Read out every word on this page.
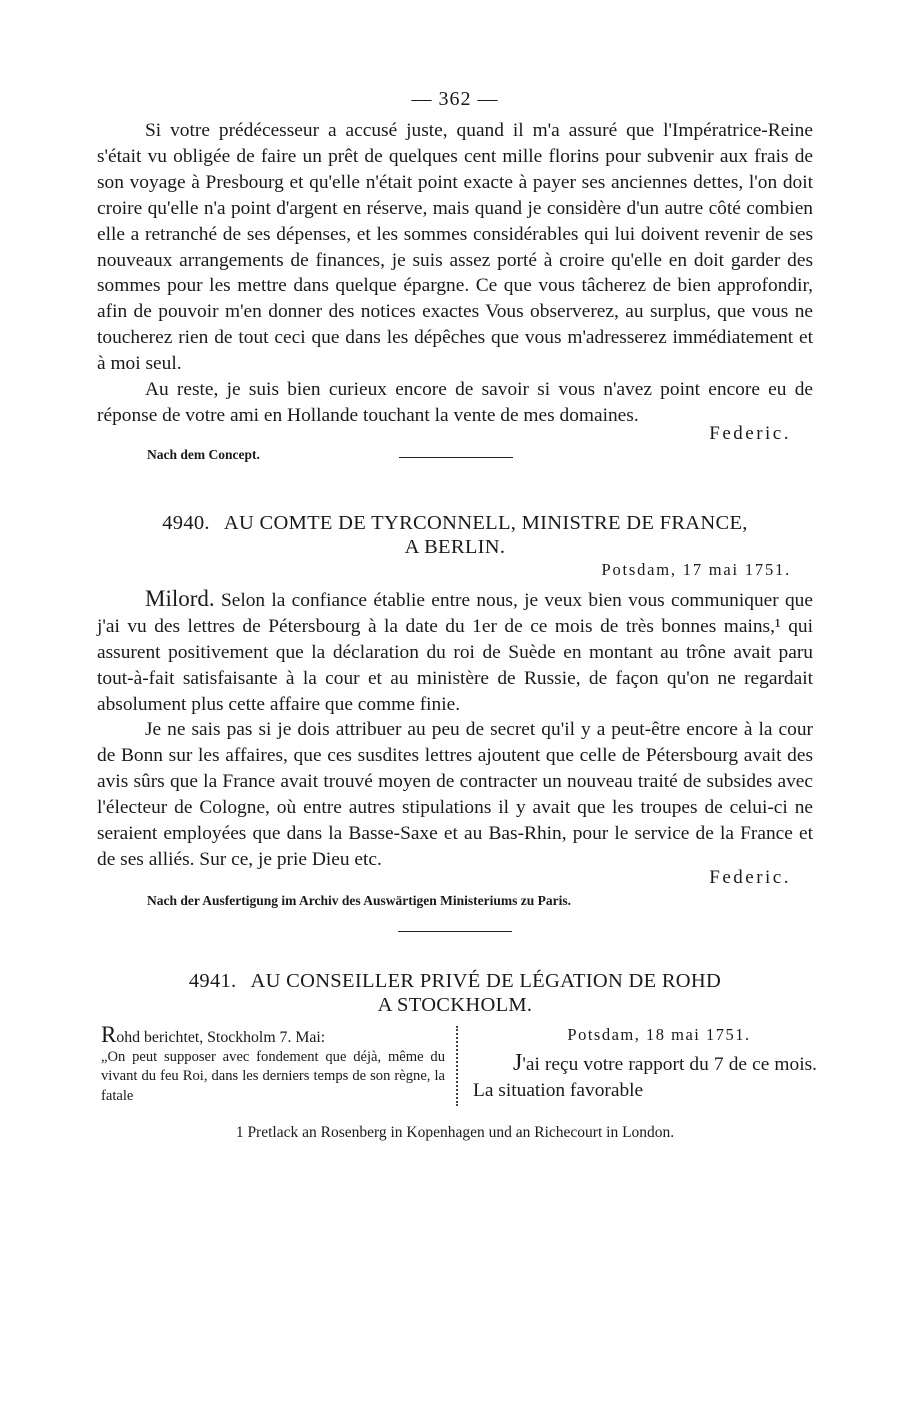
— 362 —

Si votre prédécesseur a accusé juste, quand il m'a assuré que l'Impératrice-Reine s'était vu obligée de faire un prêt de quelques cent mille florins pour subvenir aux frais de son voyage à Presbourg et qu'elle n'était point exacte à payer ses anciennes dettes, l'on doit croire qu'elle n'a point d'argent en réserve, mais quand je considère d'un autre côté combien elle a retranché de ses dépenses, et les sommes considérables qui lui doivent revenir de ses nouveaux arrangements de finances, je suis assez porté à croire qu'elle en doit garder des sommes pour les mettre dans quelque épargne. Ce que vous tâcherez de bien approfondir, afin de pouvoir m'en donner des notices exactes Vous observerez, au surplus, que vous ne toucherez rien de tout ceci que dans les dépêches que vous m'adresserez immédiatement et à moi seul.

Au reste, je suis bien curieux encore de savoir si vous n'avez point encore eu de réponse de votre ami en Hollande touchant la vente de mes domaines.

Federic.
Nach dem Concept.
4940. AU COMTE DE TYRCONNELL, MINISTRE DE FRANCE,
A BERLIN.
Potsdam, 17 mai 1751.

Milord. Selon la confiance établie entre nous, je veux bien vous communiquer que j'ai vu des lettres de Pétersbourg à la date du 1er de ce mois de très bonnes mains,¹ qui assurent positivement que la déclaration du roi de Suède en montant au trône avait paru tout-à-fait satisfaisante à la cour et au ministère de Russie, de façon qu'on ne regardait absolument plus cette affaire que comme finie.

Je ne sais pas si je dois attribuer au peu de secret qu'il y a peut-être encore à la cour de Bonn sur les affaires, que ces susdites lettres ajoutent que celle de Pétersbourg avait des avis sûrs que la France avait trouvé moyen de contracter un nouveau traité de subsides avec l'électeur de Cologne, où entre autres stipulations il y avait que les troupes de celui-ci ne seraient employées que dans la Basse-Saxe et au Bas-Rhin, pour le service de la France et de ses alliés. Sur ce, je prie Dieu etc.

Federic.
Nach der Ausfertigung im Archiv des Auswärtigen Ministeriums zu Paris.
4941. AU CONSEILLER PRIVÉ DE LÉGATION DE ROHD
A STOCKHOLM.
Rohd berichtet, Stockholm 7. Mai:
„On peut supposer avec fondement que déjà, même du vivant du feu Roi, dans les derniers temps de son règne, la fatale
Potsdam, 18 mai 1751.
J'ai reçu votre rapport du 7 de ce mois. La situation favorable
1 Pretlack an Rosenberg in Kopenhagen und an Richecourt in London.
